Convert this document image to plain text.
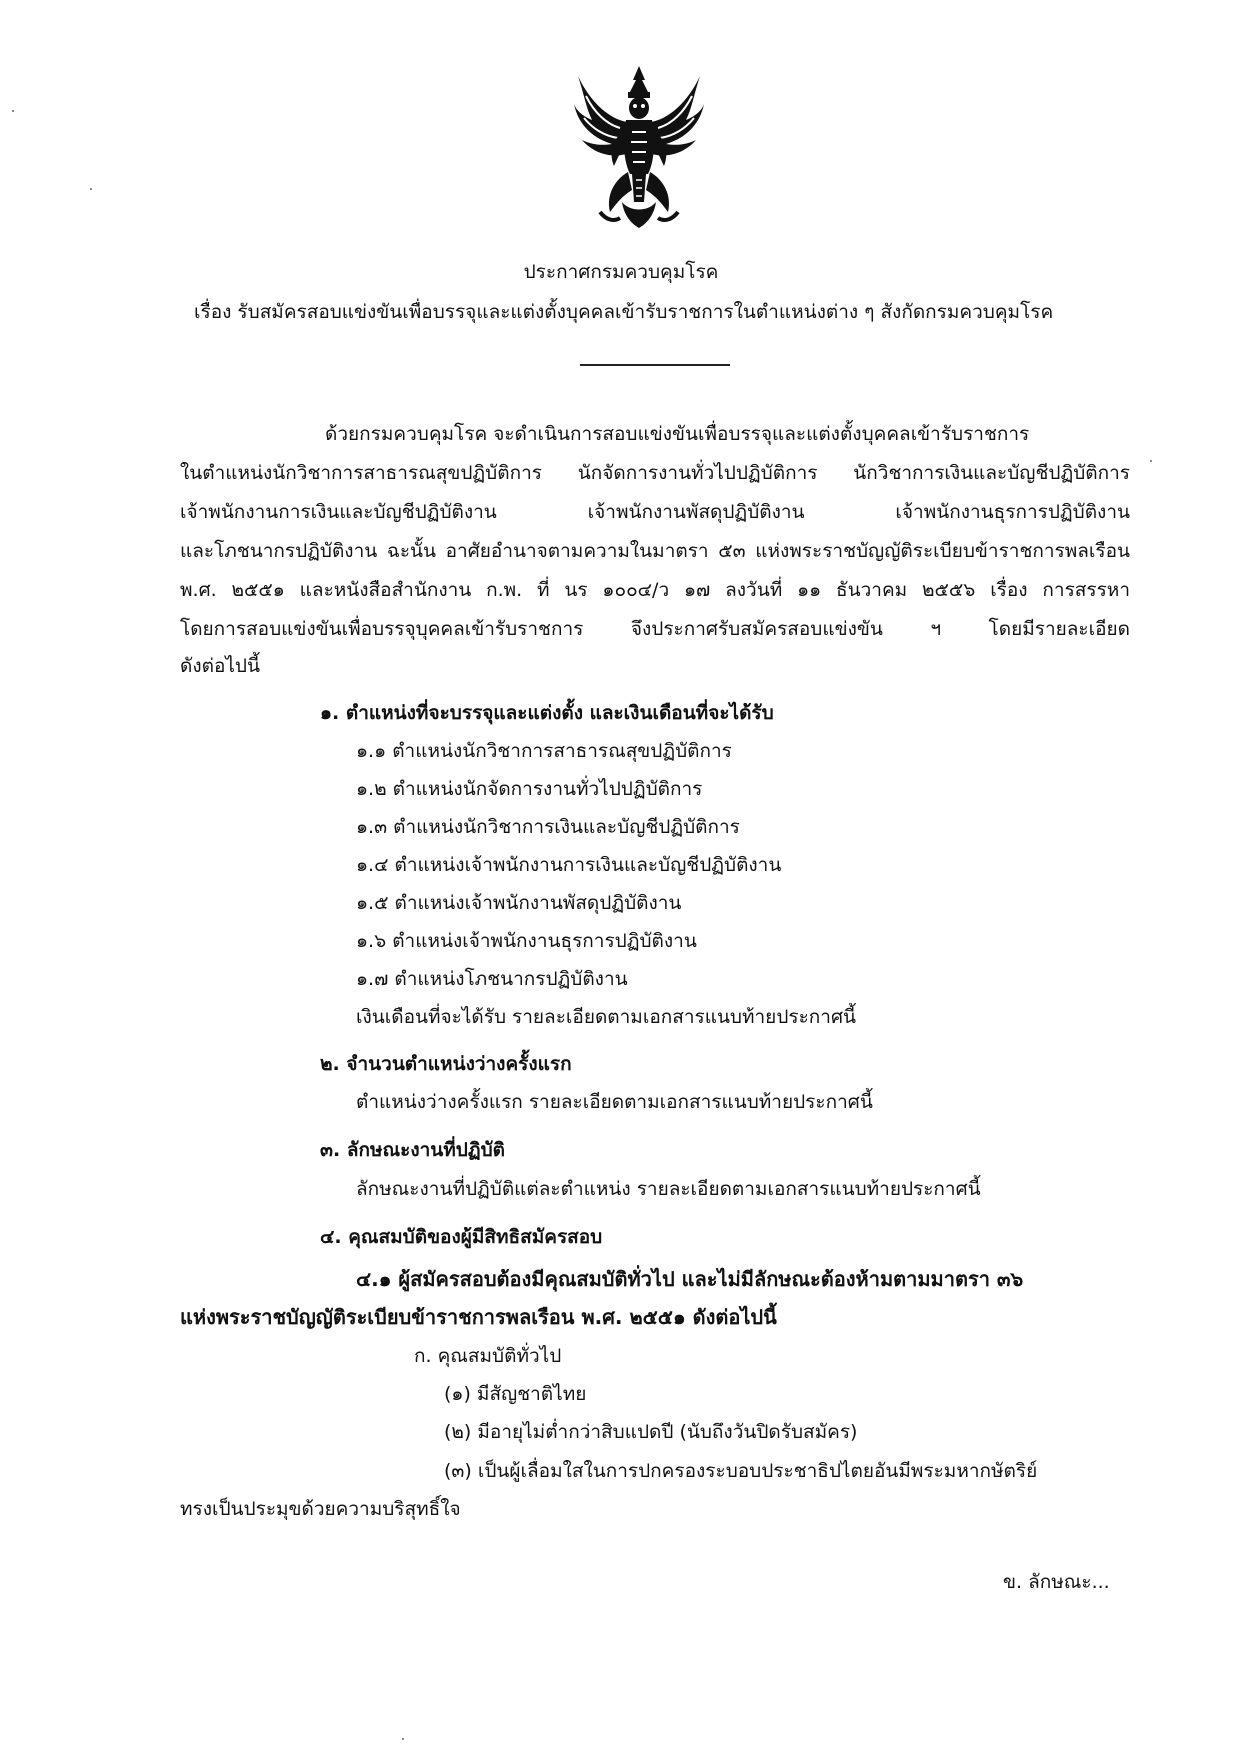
ประกาศกรมควบคุมโรค
เรื่อง รับสมัครสอบแข่งขันเพื่อบรรจุและแต่งตั้งบุคคลเข้ารับราชการในตำแหน่งต่าง ๆ สังกัดกรมควบคุมโรค
ด้วยกรมควบคุมโรค จะดำเนินการสอบแข่งขันเพื่อบรรจุและแต่งตั้งบุคคลเข้ารับราชการ
ในตำแหน่งนักวิชาการสาธารณสุขปฏิบัติการ นักจัดการงานทั่วไปปฏิบัติการ นักวิชาการเงินและบัญชีปฏิบัติการ
เจ้าพนักงานการเงินและบัญชีปฏิบัติงาน เจ้าพนักงานพัสดุปฏิบัติงาน เจ้าพนักงานธุรการปฏิบัติงาน
และโภชนากรปฏิบัติงาน ฉะนั้น อาศัยอำนาจตามความในมาตรา ๕๓ แห่งพระราชบัญญัติระเบียบข้าราชการพลเรือน
พ.ศ. ๒๕๕๑ และหนังสือสำนักงาน ก.พ. ที่ นร ๑๐๐๔/ว ๑๗ ลงวันที่ ๑๑ ธันวาคม ๒๕๕๖ เรื่อง การสรรหา
โดยการสอบแข่งขันเพื่อบรรจุบุคคลเข้ารับราชการ จึงประกาศรับสมัครสอบแข่งขัน ฯ โดยมีรายละเอียด
ดังต่อไปนี้
๑. ตำแหน่งที่จะบรรจุและแต่งตั้ง และเงินเดือนที่จะได้รับ
๑.๑ ตำแหน่งนักวิชาการสาธารณสุขปฏิบัติการ
๑.๒ ตำแหน่งนักจัดการงานทั่วไปปฏิบัติการ
๑.๓ ตำแหน่งนักวิชาการเงินและบัญชีปฏิบัติการ
๑.๔ ตำแหน่งเจ้าพนักงานการเงินและบัญชีปฏิบัติงาน
๑.๕ ตำแหน่งเจ้าพนักงานพัสดุปฏิบัติงาน
๑.๖ ตำแหน่งเจ้าพนักงานธุรการปฏิบัติงาน
๑.๗ ตำแหน่งโภชนากรปฏิบัติงาน
เงินเดือนที่จะได้รับ รายละเอียดตามเอกสารแนบท้ายประกาศนี้
๒. จำนวนตำแหน่งว่างครั้งแรก
ตำแหน่งว่างครั้งแรก รายละเอียดตามเอกสารแนบท้ายประกาศนี้
๓. ลักษณะงานที่ปฏิบัติ
ลักษณะงานที่ปฏิบัติแต่ละตำแหน่ง รายละเอียดตามเอกสารแนบท้ายประกาศนี้
๔. คุณสมบัติของผู้มีสิทธิสมัครสอบ
๔.๑ ผู้สมัครสอบต้องมีคุณสมบัติทั่วไป และไม่มีลักษณะต้องห้ามตามมาตรา ๓๖
แห่งพระราชบัญญัติระเบียบข้าราชการพลเรือน พ.ศ. ๒๕๕๑ ดังต่อไปนี้
ก. คุณสมบัติทั่วไป
(๑) มีสัญชาติไทย
(๒) มีอายุไม่ต่ำกว่าสิบแปดปี (นับถึงวันปิดรับสมัคร)
(๓) เป็นผู้เลื่อมใสในการปกครองระบอบประชาธิปไตยอันมีพระมหากษัตริย์
ทรงเป็นประมุขด้วยความบริสุทธิ์ใจ
ข. ลักษณะ...
